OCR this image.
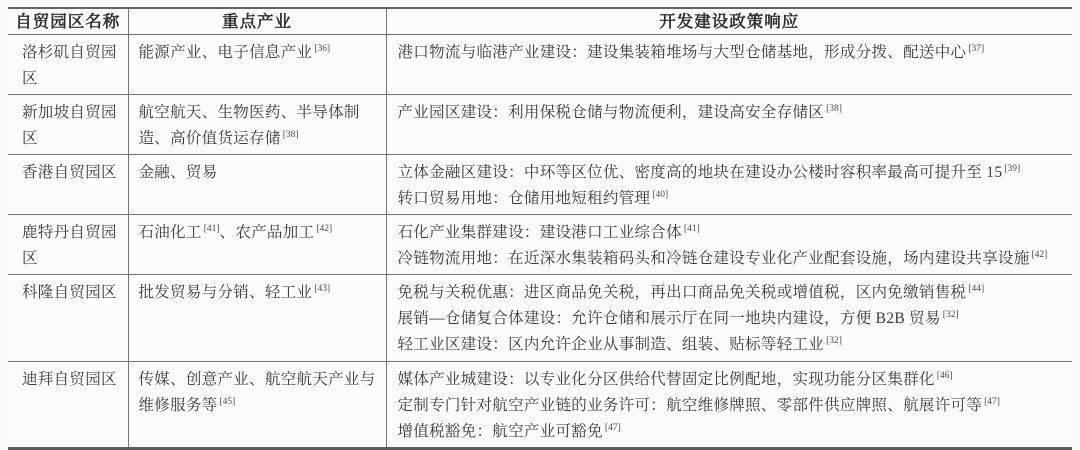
自贸园区名称	重点产业	开发建设政策响应
洛杉矶自贸园区	能源产业、电子信息产业 [36]	港口物流与临港产业建设：建设集装箱堆场与大型仓储基地，形成分拨、配送中心 [37]

新加坡自贸园区	航空航天、生物医药、半导体制造、高价值货运存储 [38]	产业园区建设：利用保税仓储与物流便利，建设高安全存储区 [38]

香港自贸园区	金融、贸易	立体金融区建设：中环等区位优、密度高的地块在建设办公楼时容积率最高可提升至 15 [39]
转口贸易用地：仓储用地短租约管理 [40]

鹿特丹自贸园区	石油化工 [41]、农产品加工 [42]	石化产业集群建设：建设港口工业综合体 [41]
冷链物流用地：在近深水集装箱码头和冷链仓建设专业化产业配套设施，场内建设共享设施 [42]

科隆自贸园区	批发贸易与分销、轻工业 [43]	免税与关税优惠：进区商品免关税，再出口商品免关税或增值税，区内免缴销售税 [44]
展销—仓储复合体建设：允许仓储和展示厅在同一地块内建设，方便 B2B 贸易 [32]
轻工业区建设：区内允许企业从事制造、组装、贴标等轻工业 [32]

迪拜自贸园区	传媒、创意产业、航空航天产业与维修服务等 [45]	媒体产业城建设：以专业化分区供给代替固定比例配地，实现功能分区集群化 [46]
定制专门针对航空产业链的业务许可：航空维修牌照、零部件供应牌照、航展许可等 [47]
增值税豁免：航空产业可豁免 [47]
